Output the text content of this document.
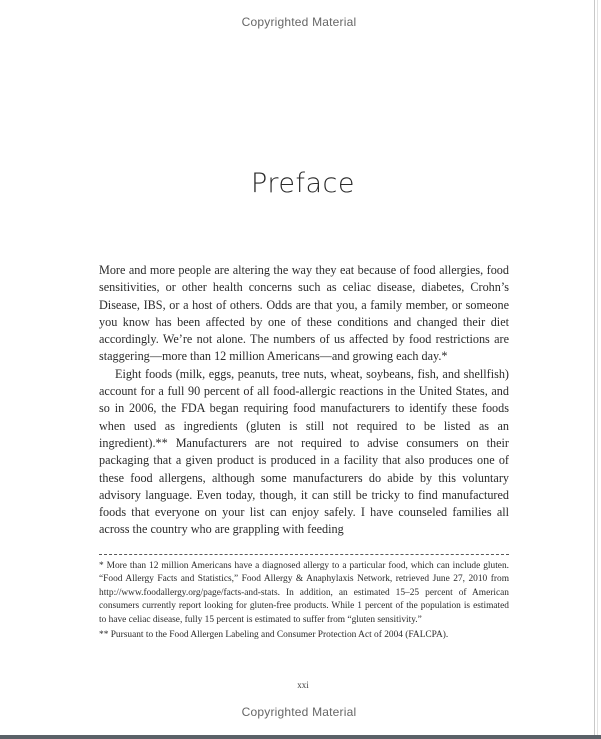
Copyrighted Material
Preface

More and more people are altering the way they eat because of food allergies, food sensitivities, or other health concerns such as celiac disease, diabetes, Crohn’s Disease, IBS, or a host of others. Odds are that you, a family member, or someone you know has been affected by one of these conditions and changed their diet accordingly. We’re not alone. The numbers of us affected by food restrictions are staggering—more than 12 million Americans—and growing each day.*

Eight foods (milk, eggs, peanuts, tree nuts, wheat, soybeans, fish, and shellfish) account for a full 90 percent of all food-allergic reactions in the United States, and so in 2006, the FDA began requiring food manufacturers to identify these foods when used as ingredients (gluten is still not required to be listed as an ingredient).** Manufacturers are not required to advise consumers on their packaging that a given product is produced in a facility that also produces one of these food allergens, although some manufacturers do abide by this voluntary advisory language. Even today, though, it can still be tricky to find manufactured foods that everyone on your list can enjoy safely. I have counseled families all across the country who are grappling with feeding

* More than 12 million Americans have a diagnosed allergy to a particular food, which can include gluten. “Food Allergy Facts and Statistics,” Food Allergy & Anaphylaxis Network, retrieved June 27, 2010 from http://www.foodallergy.org/page/facts-and-stats. In addition, an estimated 15–25 percent of American consumers currently report looking for gluten-free products. While 1 percent of the population is estimated to have celiac disease, fully 15 percent is estimated to suffer from “gluten sensitivity.”

** Pursuant to the Food Allergen Labeling and Consumer Protection Act of 2004 (FALCPA).

xxi
Copyrighted Material
